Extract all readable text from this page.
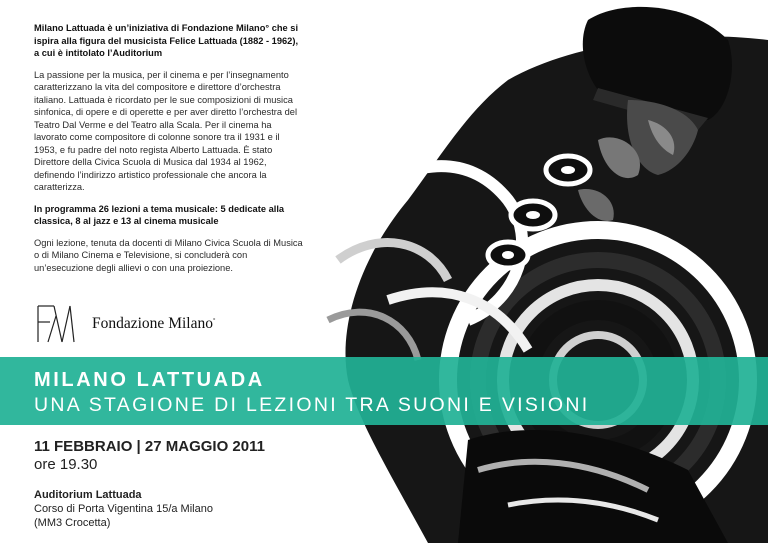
Milano Lattuada è un’iniziativa di Fondazione Milano° che si ispira alla figura del musicista Felice Lattuada (1882 - 1962), a cui è intitolato l’Auditorium

La passione per la musica, per il cinema e per l’insegnamento caratterizzano la vita del compositore e direttore d’orchestra italiano. Lattuada è ricordato per le sue composizioni di musica sinfonica, di opere e di operette e per aver diretto l’orchestra del Teatro Dal Verme e del Teatro alla Scala. Per il cinema ha lavorato come compositore di colonne sonore tra il 1931 e il 1953, e fu padre del noto regista Alberto Lattuada. È stato Direttore della Civica Scuola di Musica dal 1934 al 1962, definendo l’indirizzo artistico professionale che ancora la caratterizza.

In programma 26 lezioni a tema musicale: 5 dedicate alla classica, 8 al jazz e 13 al cinema musicale

Ogni lezione, tenuta da docenti di Milano Civica Scuola di Musica o di Milano Cinema e Televisione, si concluderà con un’esecuzione degli allievi o con una proiezione.

Fondazione Milano°
MILANO LATTUADA
UNA STAGIONE DI LEZIONI TRA SUONI E VISIONI
11 FEBBRAIO | 27 MAGGIO 2011
ore 19.30
Auditorium Lattuada
Corso di Porta Vigentina 15/a Milano
(MM3 Crocetta)
